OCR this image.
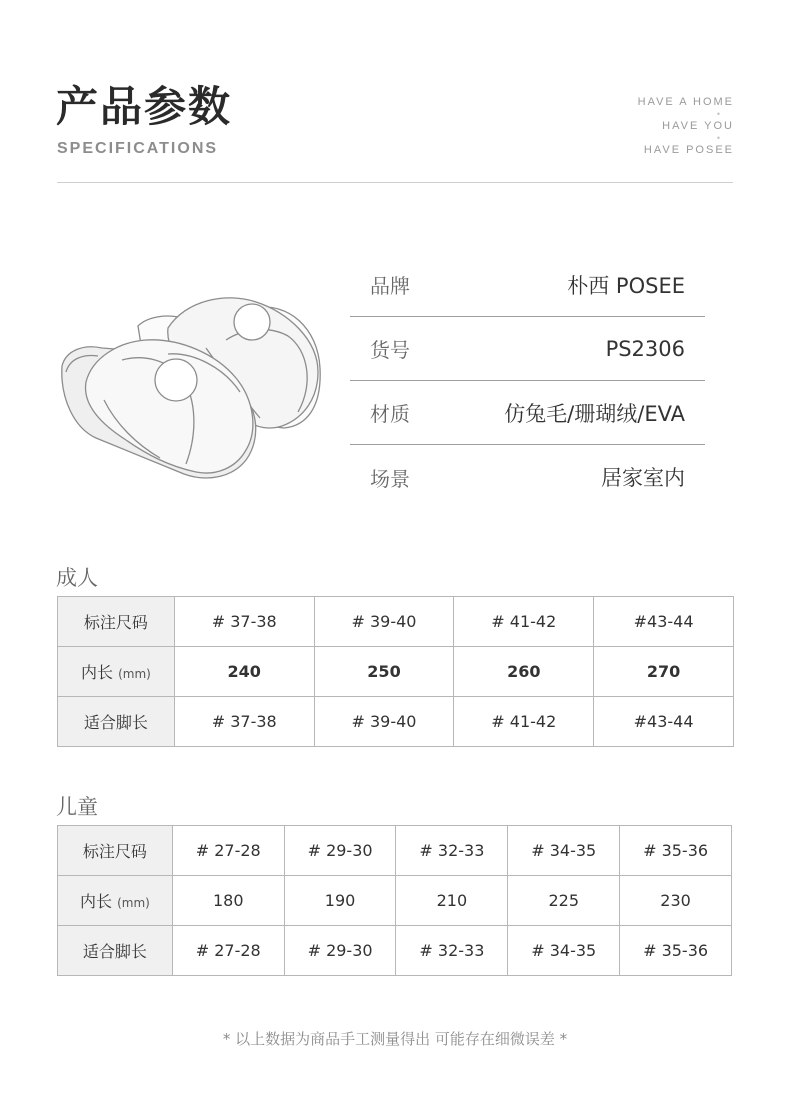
产品参数
SPECIFICATIONS
HAVE A HOME
•
HAVE YOU
•
HAVE POSEE
品牌	朴西 POSEE
货号	PS2306
材质	仿兔毛/珊瑚绒/EVA
场景	居家室内
成人
标注尺码	# 37-38	# 39-40	# 41-42	#43-44
内长 (mm)	240	250	260	270
适合脚长	# 37-38	# 39-40	# 41-42	#43-44
儿童
标注尺码	# 27-28	# 29-30	# 32-33	# 34-35	# 35-36
内长 (mm)	180	190	210	225	230
适合脚长	# 27-28	# 29-30	# 32-33	# 34-35	# 35-36
* 以上数据为商品手工测量得出 可能存在细微误差 *
